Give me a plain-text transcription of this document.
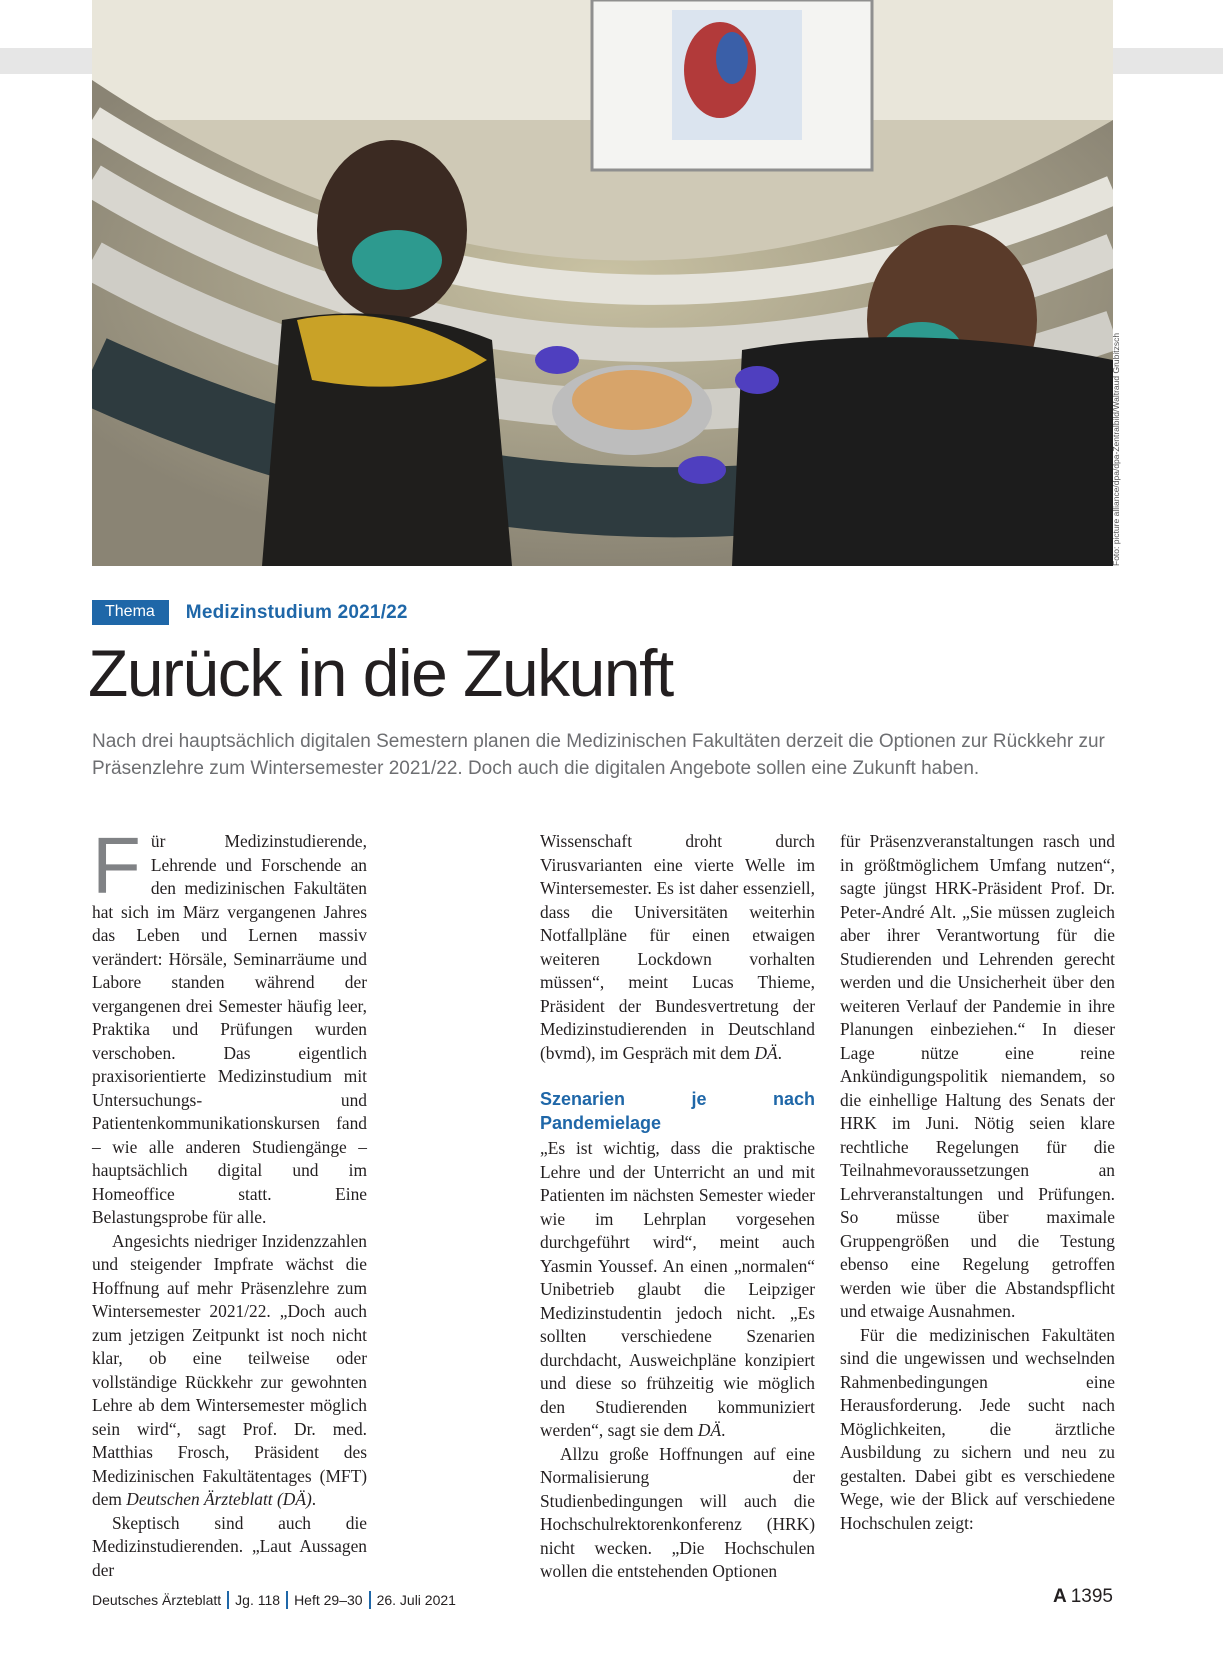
Foto: picture alliance/dpa/dpa-Zentralbild/Waltraud Grubitzsch
Thema	Medizinstudium 2021/22
Zurück in die Zukunft

Nach drei hauptsächlich digitalen Semestern planen die Medizinischen Fakultäten derzeit die Optionen zur Rückkehr zur Präsenzlehre zum Wintersemester 2021/22. Doch auch die digitalen Angebote sollen eine Zukunft haben.

Für Medizinstudierende, Lehrende und Forschende an den medizinischen Fakultäten hat sich im März vergangenen Jahres das Leben und Lernen massiv verändert: Hörsäle, Seminarräume und Labore standen während der vergangenen drei Semester häufig leer, Praktika und Prüfungen wurden verschoben. Das eigentlich praxisorientierte Medizinstudium mit Untersuchungs- und Patientenkommunikationskursen fand – wie alle anderen Studiengänge – hauptsächlich digital und im Homeoffice statt. Eine Belastungsprobe für alle.

Angesichts niedriger Inzidenzzahlen und steigender Impfrate wächst die Hoffnung auf mehr Präsenzlehre zum Wintersemester 2021/22. „Doch auch zum jetzigen Zeitpunkt ist noch nicht klar, ob eine teilweise oder vollständige Rückkehr zur gewohnten Lehre ab dem Wintersemester möglich sein wird“, sagt Prof. Dr. med. Matthias Frosch, Präsident des Medizinischen Fakultätentages (MFT) dem Deutschen Ärzteblatt (DÄ).

Skeptisch sind auch die Medizinstudierenden. „Laut Aussagen der

Wissenschaft droht durch Virusvarianten eine vierte Welle im Wintersemester. Es ist daher essenziell, dass die Universitäten weiterhin Notfallpläne für einen etwaigen weiteren Lockdown vorhalten müssen“, meint Lucas Thieme, Präsident der Bundesvertretung der Medizinstudierenden in Deutschland (bvmd), im Gespräch mit dem DÄ.

Szenarien je nach Pandemielage

„Es ist wichtig, dass die praktische Lehre und der Unterricht an und mit Patienten im nächsten Semester wieder wie im Lehrplan vorgesehen durchgeführt wird“, meint auch Yasmin Youssef. An einen „normalen“ Unibetrieb glaubt die Leipziger Medizinstudentin jedoch nicht. „Es sollten verschiedene Szenarien durchdacht, Ausweichpläne konzipiert und diese so frühzeitig wie möglich den Studierenden kommuniziert werden“, sagt sie dem DÄ.

Allzu große Hoffnungen auf eine Normalisierung der Studienbedingungen will auch die Hochschulrektorenkonferenz (HRK) nicht wecken. „Die Hochschulen wollen die entstehenden Optionen

für Präsenzveranstaltungen rasch und in größtmöglichem Umfang nutzen“, sagte jüngst HRK-Präsident Prof. Dr. Peter-André Alt. „Sie müssen zugleich aber ihrer Verantwortung für die Studierenden und Lehrenden gerecht werden und die Unsicherheit über den weiteren Verlauf der Pandemie in ihre Planungen einbeziehen.“ In dieser Lage nütze eine reine Ankündigungspolitik niemandem, so die einhellige Haltung des Senats der HRK im Juni. Nötig seien klare rechtliche Regelungen für die Teilnahmevoraussetzungen an Lehrveranstaltungen und Prüfungen. So müsse über maximale Gruppengrößen und die Testung ebenso eine Regelung getroffen werden wie über die Abstandspflicht und etwaige Ausnahmen.

Für die medizinischen Fakultäten sind die ungewissen und wechselnden Rahmenbedingungen eine Herausforderung. Jede sucht nach Möglichkeiten, die ärztliche Ausbildung zu sichern und neu zu gestalten. Dabei gibt es verschiedene Wege, wie der Blick auf verschiedene Hochschulen zeigt:

Deutsches Ärzteblatt Jg. 118 Heft 29–30 26. Juli 2021	A 1395
